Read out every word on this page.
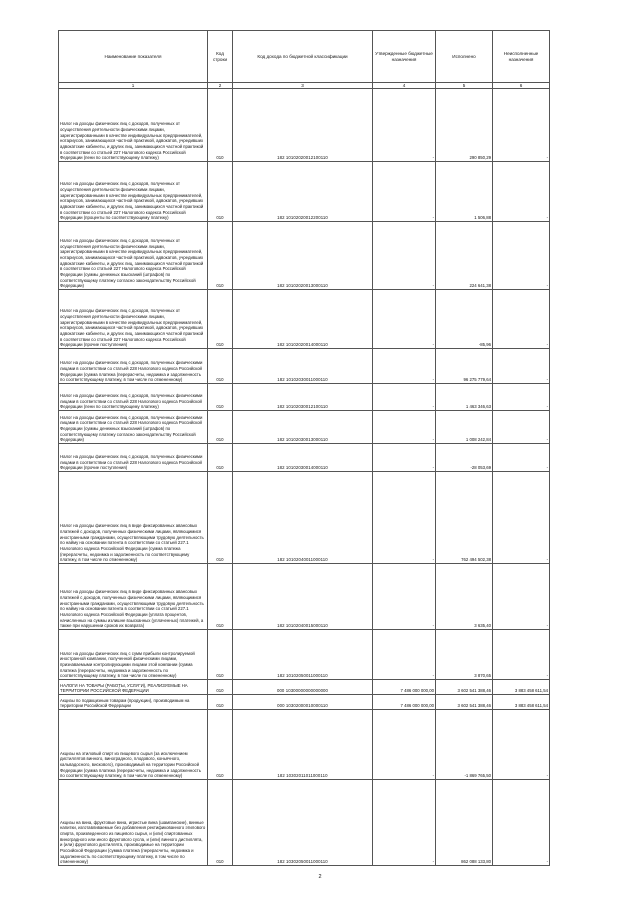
Наименование показателя	Код строки	Код дохода по бюджетной классификации	Утвержденные бюджетные назначения	Исполнено	Неисполненные назначения
1	2	3	4	5	6
Налог на доходы физических лиц с доходов, полученных от осуществления деятельности физическими лицами, зарегистрированными в качестве индивидуальных предпринимателей, нотариусов, занимающихся частной практикой, адвокатов, учредивших адвокатские кабинеты, и других лиц, занимающихся частной практикой в соответствии со статьей 227 Налогового кодекса Российской Федерации (пени по соответствующему платежу)	010	182 10102020012100110	-	290 850,29	-
Налог на доходы физических лиц с доходов, полученных от осуществления деятельности физическими лицами, зарегистрированными в качестве индивидуальных предпринимателей, нотариусов, занимающихся частной практикой, адвокатов, учредивших адвокатские кабинеты, и других лиц, занимающихся частной практикой в соответствии со статьей 227 Налогового кодекса Российской Федерации (проценты по соответствующему платежу)	010	182 10102020012200110	-	1 506,88	-
Налог на доходы физических лиц с доходов, полученных от осуществления деятельности физическими лицами, зарегистрированными в качестве индивидуальных предпринимателей, нотариусов, занимающихся частной практикой, адвокатов, учредивших адвокатские кабинеты, и других лиц, занимающихся частной практикой в соответствии со статьей 227 Налогового кодекса Российской Федерации (суммы денежных взысканий (штрафов) по соответствующему платежу согласно законодательству Российской Федерации)	010	182 10102020013000110	-	224 641,38	-
Налог на доходы физических лиц с доходов, полученных от осуществления деятельности физическими лицами, зарегистрированными в качестве индивидуальных предпринимателей, нотариусов, занимающихся частной практикой, адвокатов, учредивших адвокатские кабинеты, и других лиц, занимающихся частной практикой в соответствии со статьей 227 Налогового кодекса Российской Федерации (прочие поступления)	010	182 10102020014000110	-	-85,96	-
Налог на доходы физических лиц с доходов, полученных физическими лицами в соответствии со статьей 228 Налогового кодекса Российской Федерации (сумма платежа (перерасчеты, недоимка и задолженность по соответствующему платежу, в том числе по отмененному)	010	182 10102030011000110	-	96 275 779,64	-
Налог на доходы физических лиц с доходов, полученных физическими лицами в соответствии со статьей 228 Налогового кодекса Российской Федерации (пени по соответствующему платежу)	010	182 10102030012100110	-	1 463 346,63	-
Налог на доходы физических лиц с доходов, полученных физическими лицами в соответствии со статьей 228 Налогового кодекса Российской Федерации (суммы денежных взысканий (штрафов) по соответствующему платежу согласно законодательству Российской Федерации)	010	182 10102030013000110	-	1 008 242,84	-
Налог на доходы физических лиц с доходов, полученных физическими лицами в соответствии со статьей 228 Налогового кодекса Российской Федерации (прочие поступления)	010	182 10102030014000110	-	-28 053,69	-
Налог на доходы физических лиц в виде фиксированных авансовых платежей с доходов, полученных физическими лицами, являющимися иностранными гражданами, осуществляющими трудовую деятельность по найму на основании патента в соответствии со статьей 227.1 Налогового кодекса Российской Федерации (сумма платежа (перерасчеты, недоимка и задолженность по соответствующему платежу, в том числе по отмененному)	010	182 10102040011000110	-	762 494 502,38	-
Налог на доходы физических лиц в виде фиксированных авансовых платежей с доходов, полученных физическими лицами, являющимися иностранными гражданами, осуществляющими трудовую деятельность по найму на основании патента в соответствии со статьей 227.1 Налогового кодекса Российской Федерации (уплата процентов, начисленных на суммы излишне взысканных (уплаченных) платежей, а также при нарушении сроков их возврата)	010	182 10102040015000110	-	3 635,40	-
Налог на доходы физических лиц с сумм прибыли контролируемой иностранной компании, полученной физическими лицами, признаваемыми контролирующими лицами этой компании (сумма платежа (перерасчеты, недоимка и задолженность по соответствующему платежу, в том числе по отмененному)	010	182 10102050011000110	-	3 870,65	-
НАЛОГИ НА ТОВАРЫ (РАБОТЫ, УСЛУГИ), РЕАЛИЗУЕМЫЕ НА ТЕРРИТОРИИ РОССИЙСКОЙ ФЕДЕРАЦИИ	010	000 10300000000000000	7 486 000 000,00	3 602 541 388,46	3 883 458 611,54
Акцизы по подакцизным товарам (продукции), производимым на территории Российской Федерации	010	000 10302000010000110	7 486 000 000,00	3 602 541 388,46	3 883 458 611,54
Акцизы на этиловый спирт из пищевого сырья (за исключением дистиллятов винного, виноградного, плодового, коньячного, кальвадосного, вискового), производимый на территории Российской Федерации (сумма платежа (перерасчеты, недоимка и задолженность по соответствующему платежу, в том числе по отмененному)	010	182 10302011011000110	-	-1 869 765,50	-
Акцизы на вина, фруктовые вина, игристые вина (шампанские), винные напитки, изготавливаемые без добавления ректификованного этилового спирта, произведенного из пищевого сырья, и (или) спиртованных виноградного или иного фруктового сусла, и (или) винного дистиллята, и (или) фруктового дистиллята, производимые на территории Российской Федерации (сумма платежа (перерасчеты, недоимка и задолженность по соответствующему платежу, в том числе по отмененному)	010	182 10302050011000110	-	862 088 133,80	-
2
